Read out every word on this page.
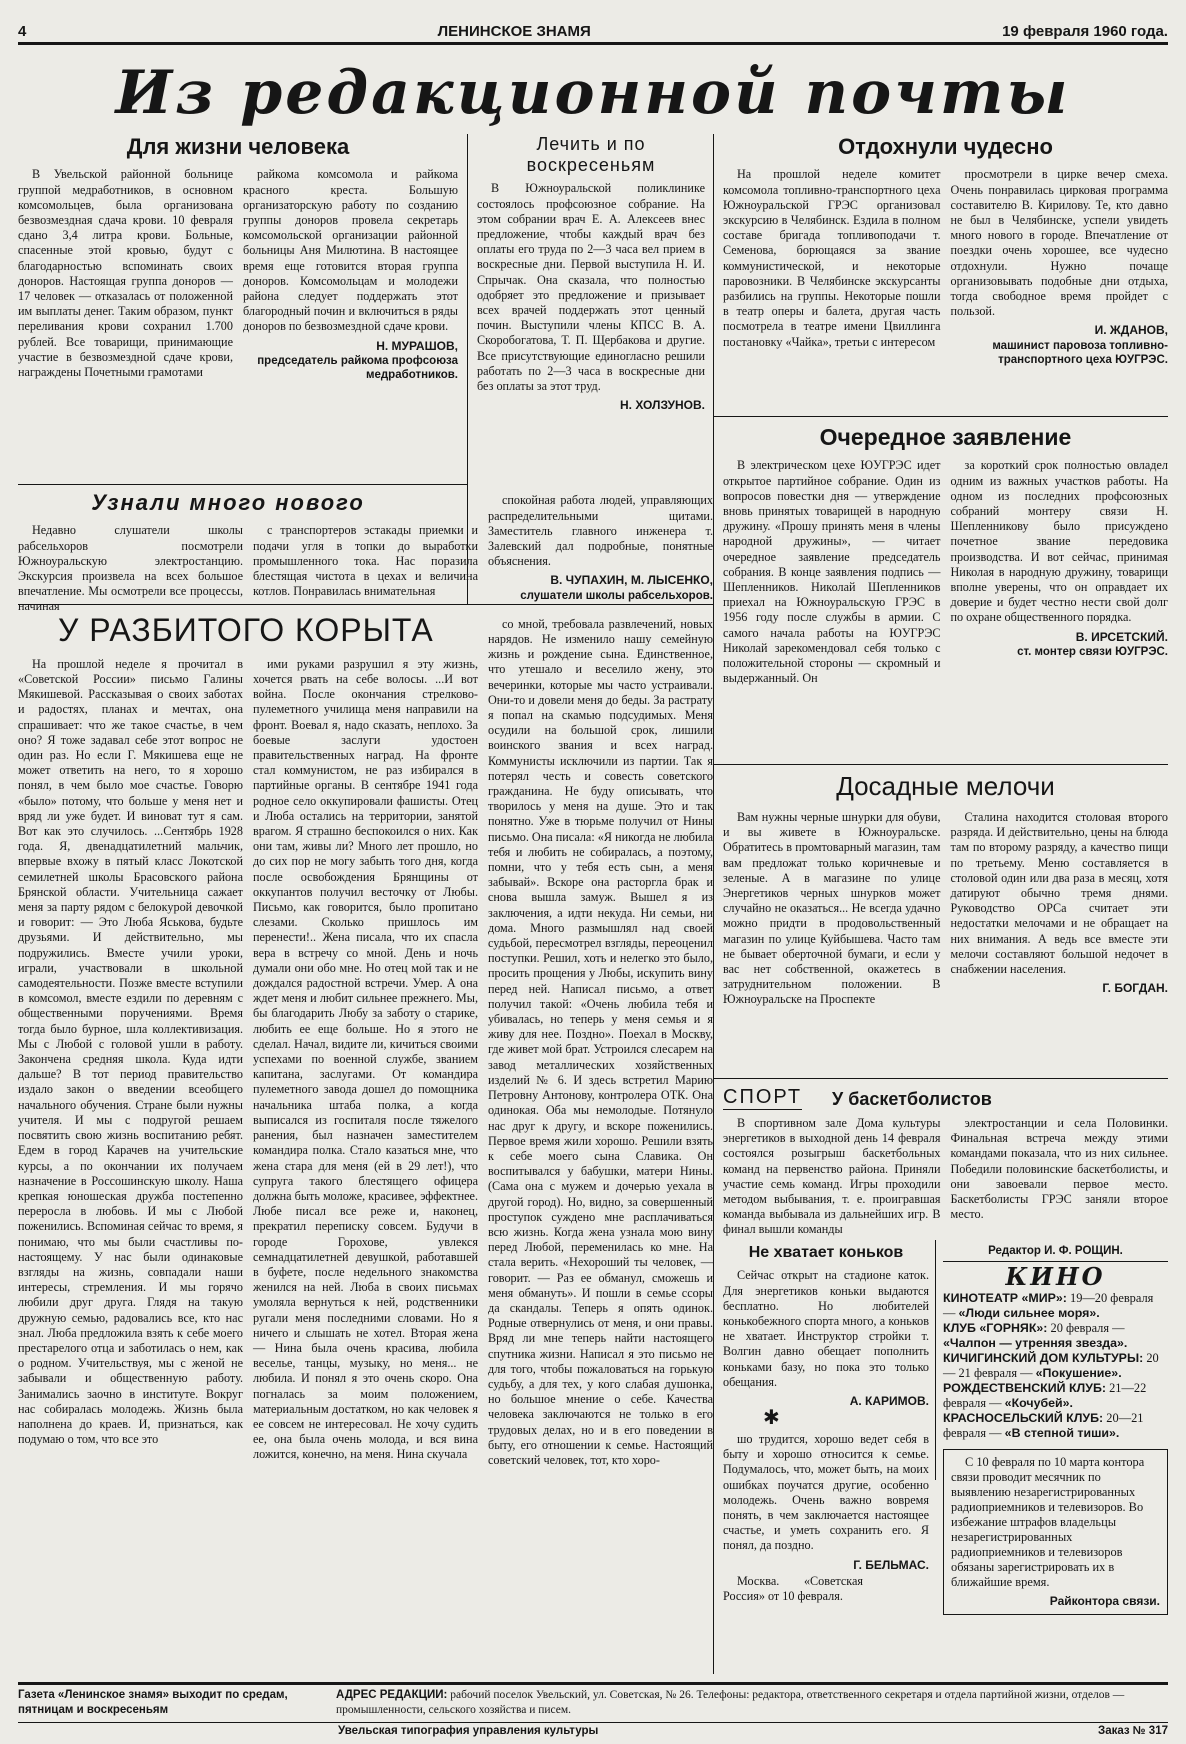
4	ЛЕНИНСКОЕ ЗНАМЯ	19 февраля 1960 года.
Из редакционной почты
Для жизни человека

В Увельской районной больнице группой медработников, в основном комсомольцев, была организована безвозмездная сдача крови. 10 февраля сдано 3,4 литра крови. Больные, спасенные этой кровью, будут с благодарностью вспоминать своих доноров. Настоящая группа доноров — 17 человек — отказалась от положенной им выплаты денег. Таким образом, пункт переливания крови сохранил 1.700 рублей. Все товарищи, принимающие участие в безвозмездной сдаче крови, награждены Почетными грамотами

райкома комсомола и райкома красного креста. Большую организаторскую работу по созданию группы доноров провела секретарь комсомольской организации районной больницы Аня Милютина. В настоящее время еще готовится вторая группа доноров. Комсомольцам и молодежи района следует поддержать этот благородный почин и включиться в ряды доноров по безвозмездной сдаче крови.

Н. МУРАШОВ,
председатель райкома профсоюза медработников.
Лечить и по воскресеньям

В Южноуральской поликлинике состоялось профсоюзное собрание. На этом собрании врач Е. А. Алексеев внес предложение, чтобы каждый врач без оплаты его труда по 2—3 часа вел прием в воскресные дни. Первой выступила Н. И. Спрычак. Она сказала, что полностью одобряет это предложение и призывает всех врачей поддержать этот ценный почин. Выступили члены КПСС В. А. Скоробогатова, Т. П. Щербакова и другие. Все присутствующие единогласно решили работать по 2—3 часа в воскресные дни без оплаты за этот труд.

Н. ХОЛЗУНОВ.
Отдохнули чудесно

На прошлой неделе комитет комсомола топливно-транспортного цеха Южноуральской ГРЭС организовал экскурсию в Челябинск. Ездила в полном составе бригада топливоподачи т. Семенова, борющаяся за звание коммунистической, и некоторые паровозники. В Челябинске экскурсанты разбились на группы. Некоторые пошли в театр оперы и балета, другая часть посмотрела в театре имени Цвиллинга постановку «Чайка», третьи с интересом

просмотрели в цирке вечер смеха. Очень понравилась цирковая программа составителю В. Кирилову. Те, кто давно не был в Челябинске, успели увидеть много нового в городе. Впечатление от поездки очень хорошее, все чудесно отдохнули. Нужно почаще организовывать подобные дни отдыха, тогда свободное время пройдет с пользой.

И. ЖДАНОВ,
машинист паровоза топливно-транспортного цеха ЮУГРЭС.
Узнали много нового

Недавно слушатели школы рабсельхоров посмотрели Южноуральскую электростанцию. Экскурсия произвела на всех большое впечатление. Мы осмотрели все процессы, начиная

с транспортеров эстакады приемки и подачи угля в топки до выработки промышленного тока. Нас поразила блестящая чистота в цехах и величина котлов. Понравилась внимательная

спокойная работа людей, управляющих распределительными щитами. Заместитель главного инженера т. Залевский дал подробные, понятные объяснения.

В. ЧУПАХИН, М. ЛЫСЕНКО,
слушатели школы рабсельхоров.
Очередное заявление

В электрическом цехе ЮУГРЭС идет открытое партийное собрание. Один из вопросов повестки дня — утверждение вновь принятых товарищей в народную дружину. «Прошу принять меня в члены народной дружины», — читает очередное заявление председатель собрания. В конце заявления подпись — Шепленников. Николай Шепленников приехал на Южноуральскую ГРЭС в 1956 году после службы в армии. С самого начала работы на ЮУГРЭС Николай зарекомендовал себя только с положительной стороны — скромный и выдержанный. Он

за короткий срок полностью овладел одним из важных участков работы. На одном из последних профсоюзных собраний монтеру связи Н. Шепленникову было присуждено почетное звание передовика производства. И вот сейчас, принимая Николая в народную дружину, товарищи вполне уверены, что он оправдает их доверие и будет честно нести свой долг по охране общественного порядка.

В. ИРСЕТСКИЙ.
ст. монтер связи ЮУГРЭС.
У РАЗБИТОГО КОРЫТА

На прошлой неделе я прочитал в «Советской России» письмо Галины Мякишевой. Рассказывая о своих заботах и радостях, планах и мечтах, она спрашивает: что же такое счастье, в чем оно? Я тоже задавал себе этот вопрос не один раз. Но если Г. Мякишева еще не может ответить на него, то я хорошо понял, в чем было мое счастье. Говорю «было» потому, что больше у меня нет и вряд ли уже будет. И виноват тут я сам. Вот как это случилось. ...Сентябрь 1928 года. Я, двенадцатилетний мальчик, впервые вхожу в пятый класс Локотской семилетней школы Брасовского района Брянской области. Учительница сажает меня за парту рядом с белокурой девочкой и говорит: — Это Люба Яськова, будьте друзьями. И действительно, мы подружились. Вместе учили уроки, играли, участвовали в школьной самодеятельности. Позже вместе вступили в комсомол, вместе ездили по деревням с общественными поручениями. Время тогда было бурное, шла коллективизация. Мы с Любой с головой ушли в работу. Закончена средняя школа. Куда идти дальше? В тот период правительство издало закон о введении всеобщего начального обучения. Стране были нужны учителя. И мы с подругой решаем посвятить свою жизнь воспитанию ребят. Едем в город Карачев на учительские курсы, а по окончании их получаем назначение в Россошинскую школу. Наша крепкая юношеская дружба постепенно переросла в любовь. И мы с Любой поженились. Вспоминая сейчас то время, я понимаю, что мы были счастливы по-настоящему. У нас были одинаковые взгляды на жизнь, совпадали наши интересы, стремления. И мы горячо любили друг друга. Глядя на такую дружную семью, радовались все, кто нас знал. Люба предложила взять к себе моего престарелого отца и заботилась о нем, как о родном. Учительствуя, мы с женой не забывали и общественную работу. Занимались заочно в институте. Вокруг нас собиралась молодежь. Жизнь была наполнена до краев. И, признаться, как подумаю о том, что все это

ими руками разрушил я эту жизнь, хочется рвать на себе волосы. ...И вот война. После окончания стрелково-пулеметного училища меня направили на фронт. Воевал я, надо сказать, неплохо. За боевые заслуги удостоен правительственных наград. На фронте стал коммунистом, не раз избирался в партийные органы. В сентябре 1941 года родное село оккупировали фашисты. Отец и Люба остались на территории, занятой врагом. Я страшно беспокоился о них. Как они там, живы ли? Много лет прошло, но до сих пор не могу забыть того дня, когда после освобождения Брянщины от оккупантов получил весточку от Любы. Письмо, как говорится, было пропитано слезами. Сколько пришлось им перенести!.. Жена писала, что их спасла вера в встречу со мной. День и ночь думали они обо мне. Но отец мой так и не дождался радостной встречи. Умер. А она ждет меня и любит сильнее прежнего. Мы, бы благодарить Любу за заботу о старике, любить ее еще больше. Но я этого не сделал. Начал, видите ли, кичиться своими успехами по военной службе, званием капитана, заслугами. От командира пулеметного завода дошел до помощника начальника штаба полка, а когда выписался из госпиталя после тяжелого ранения, был назначен заместителем командира полка. Стало казаться мне, что жена стара для меня (ей в 29 лет!), что супруга такого блестящего офицера должна быть моложе, красивее, эффектнее. Любе писал все реже и, наконец, прекратил переписку совсем. Будучи в городе Горохове, увлекся семнадцатилетней девушкой, работавшей в буфете, после недельного знакомства женился на ней. Люба в своих письмах умоляла вернуться к ней, родственники ругали меня последними словами. Но я ничего и слышать не хотел. Вторая жена — Нина была очень красива, любила веселье, танцы, музыку, но меня... не любила. И понял я это очень скоро. Она погналась за моим положением, материальным достатком, но как человек я ее совсем не интересовал. Не хочу судить ее, она была очень молода, и вся вина ложится, конечно, на меня. Нина скучала

со мной, требовала развлечений, новых нарядов. Не изменило нашу семейную жизнь и рождение сына. Единственное, что утешало и веселило жену, это вечеринки, которые мы часто устраивали. Они-то и довели меня до беды. За растрату я попал на скамью подсудимых. Меня осудили на большой срок, лишили воинского звания и всех наград. Коммунисты исключили из партии. Так я потерял честь и совесть советского гражданина. Не буду описывать, что творилось у меня на душе. Это и так понятно. Уже в тюрьме получил от Нины письмо. Она писала: «Я никогда не любила тебя и любить не собиралась, а поэтому, помни, что у тебя есть сын, а меня забывай». Вскоре она расторгла брак и снова вышла замуж. Вышел я из заключения, а идти некуда. Ни семьи, ни дома. Много размышлял над своей судьбой, пересмотрел взгляды, переоценил поступки. Решил, хоть и нелегко это было, просить прощения у Любы, искупить вину перед ней. Написал письмо, а ответ получил такой: «Очень любила тебя и убивалась, но теперь у меня семья и я живу для нее. Поздно». Поехал в Москву, где живет мой брат. Устроился слесарем на завод металлических хозяйственных изделий № 6. И здесь встретил Марию Петровну Антонову, контролера ОТК. Она одинокая. Оба мы немолодые. Потянуло нас друг к другу, и вскоре поженились. Первое время жили хорошо. Решили взять к себе моего сына Славика. Он воспитывался у бабушки, матери Нины. (Сама она с мужем и дочерью уехала в другой город). Но, видно, за совершенный проступок суждено мне расплачиваться всю жизнь. Когда жена узнала мою вину перед Любой, переменилась ко мне. На стала верить. «Нехороший ты человек, — говорит. — Раз ее обманул, сможешь и меня обмануть». И пошли в семье ссоры да скандалы. Теперь я опять одинок. Родные отвернулись от меня, и они правы. Вряд ли мне теперь найти настоящего спутника жизни. Написал я это письмо не для того, чтобы пожаловаться на горькую судьбу, а для тех, у кого слабая душонка, но большое мнение о себе. Качества человека заключаются не только в его трудовых делах, но и в его поведении в быту, его отношении к семье. Настоящий советский человек, тот, кто хоро-

Досадные мелочи

Вам нужны черные шнурки для обуви, и вы живете в Южноуральске. Обратитесь в промтоварный магазин, там вам предложат только коричневые и зеленые. А в магазине по улице Энергетиков черных шнурков может случайно не оказаться... Не всегда удачно можно придти в продовольственный магазин по улице Куйбышева. Часто там не бывает оберточной бумаги, и если у вас нет собственной, окажетесь в затруднительном положении. В Южноуральске на Проспекте

Сталина находится столовая второго разряда. И действительно, цены на блюда там по второму разряду, а качество пищи по третьему. Меню составляется в столовой один или два раза в месяц, хотя датируют обычно тремя днями. Руководство ОРСа считает эти недостатки мелочами и не обращает на них внимания. А ведь все вместе эти мелочи составляют большой недочет в снабжении населения.

Г. БОГДАН.
СПОРТ У баскетболистов

В спортивном зале Дома культуры энергетиков в выходной день 14 февраля состоялся розыгрыш баскетбольных команд на первенство района. Приняли участие семь команд. Игры проходили методом выбывания, т. е. проигравшая команда выбывала из дальнейших игр. В финал вышли команды

электростанции и села Половинки. Финальная встреча между этими командами показала, что из них сильнее. Победили половинские баскетболисты, и они завоевали первое место. Баскетболисты ГРЭС заняли второе место.

Не хватает коньков

Сейчас открыт на стадионе каток. Для энергетиков коньки выдаются бесплатно. Но любителей конькобежного спорта много, а коньков не хватает. Инструктор стройки т. Волгин давно обещает пополнить коньками базу, но пока это только обещания.

А. КАРИМОВ.
✱

шо трудится, хорошо ведет себя в быту и хорошо относится к семье. Подумалось, что, может быть, на моих ошибках поучатся другие, особенно молодежь. Очень важно вовремя понять, в чем заключается настоящее счастье, и уметь сохранить его. Я понял, да поздно.

Г. БЕЛЬМАС.

Москва. «Советская Россия» от 10 февраля.

Редактор И. Ф. РОЩИН.
КИНО

КИНОТЕАТР «МИР»: 19—20 февраля — «Люди сильнее моря».

КЛУБ «ГОРНЯК»: 20 февраля — «Чалпон — утренняя звезда».

КИЧИГИНСКИЙ ДОМ КУЛЬТУРЫ: 20 — 21 февраля — «Покушение».

РОЖДЕСТВЕНСКИЙ КЛУБ: 21—22 февраля — «Кочубей».

КРАСНОСЕЛЬСКИЙ КЛУБ: 20—21 февраля — «В степной тиши».

С 10 февраля по 10 марта контора связи проводит месячник по выявлению незарегистрированных радиоприемников и телевизоров. Во избежание штрафов владельцы незарегистрированных радиоприемников и телевизоров обязаны зарегистрировать их в ближайшие время.

Райконтора связи.
Газета «Ленинское знамя» выходит по средам, пятницам и воскресеньям
АДРЕС РЕДАКЦИИ: рабочий поселок Увельский, ул. Советская, № 26. Телефоны: редактора, ответственного секретаря и отдела партийной жизни, отделов — промышленности, сельского хозяйства и писем.
Увельская типография управления культуры	Заказ № 317
